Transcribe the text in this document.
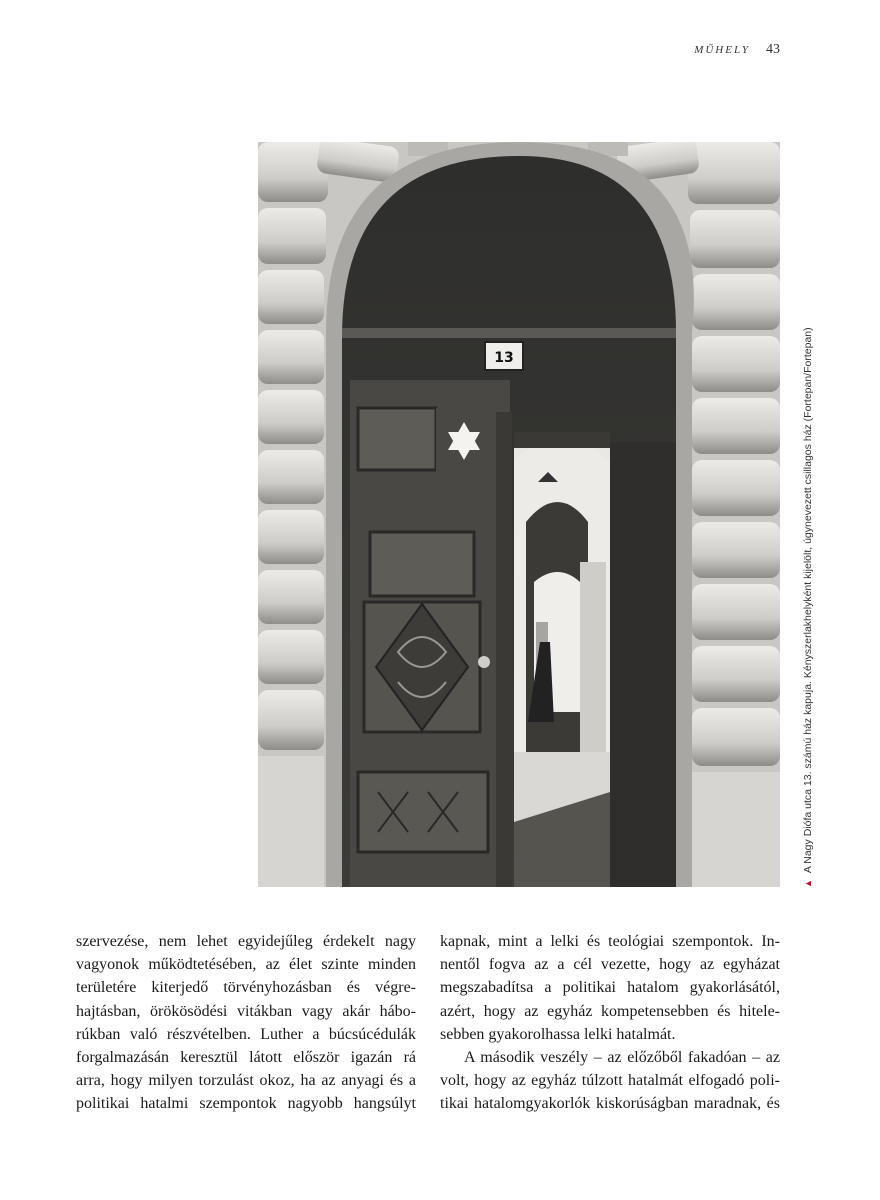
MŰHELY 43
13
▲A Nagy Diófa utca 13. számú ház kapuja. Kényszerlakhelyként kijelölt, úgynevezett csillagos ház (Fortepan/Fortepan)

szervezése, nem lehet egyidejűleg érdekelt nagy

vagyonok működtetésében, az élet szinte minden

területére kiterjedő törvényhozásban és végre-

hajtásban, örökösödési vitákban vagy akár hábo-

rúkban való részvételben. Luther a búcsúcédulák

forgalmazásán keresztül látott először igazán rá

arra, hogy milyen torzulást okoz, ha az anyagi és a

politikai hatalmi szempontok nagyobb hangsúlyt

kapnak, mint a lelki és teológiai szempontok. In-

nentől fogva az a cél vezette, hogy az egyházat

megszabadítsa a politikai hatalom gyakorlásától,

azért, hogy az egyház kompetensebben és hitele-

sebben gyakorolhassa lelki hatalmát.

A második veszély – az előzőből fakadóan – az

volt, hogy az egyház túlzott hatalmát elfogadó poli-

tikai hatalomgyakorlók kiskorúságban maradnak, és
